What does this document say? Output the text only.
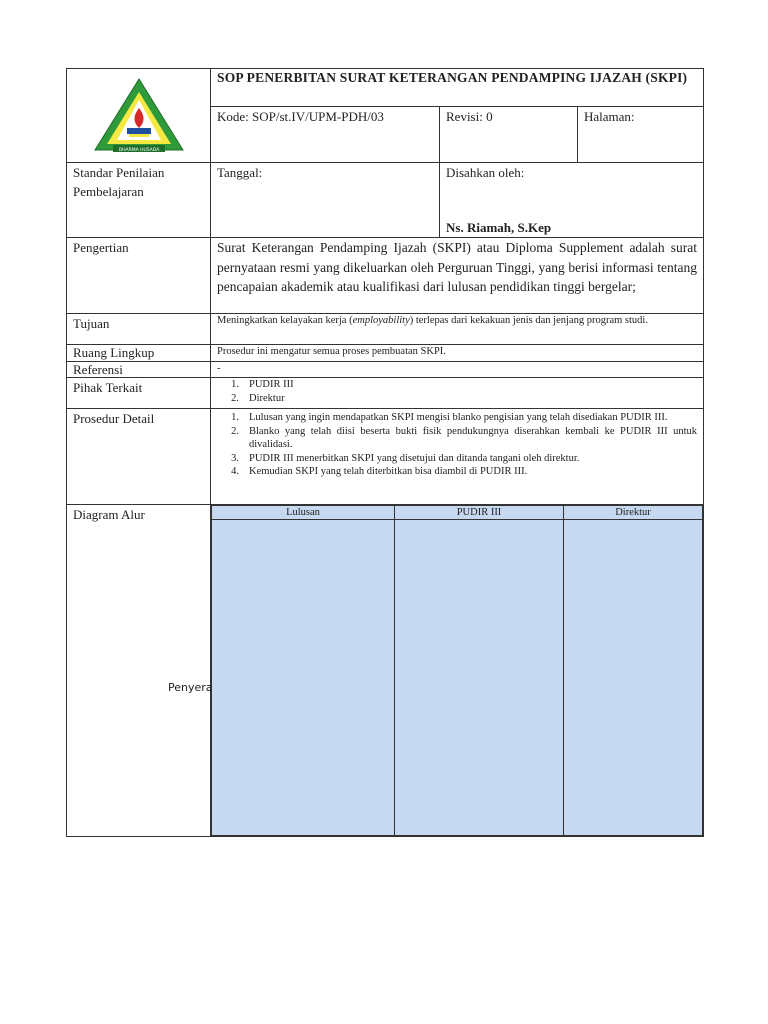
DHARMA HUSADA
	SOP PENERBITAN SURAT KETERANGAN PENDAMPING IJAZAH (SKPI)
Kode: SOP/st.IV/UPM-PDH/03	Revisi: 0	Halaman:
Standar Penilaian Pembelajaran	Tanggal:	Disahkan oleh:
Ns. Riamah, S.Kep

Pengertian	Surat Keterangan Pendamping Ijazah (SKPI) atau Diploma Supplement adalah surat pernyataan resmi yang dikeluarkan oleh Perguruan Tinggi, yang berisi informasi tentang pencapaian akademik atau kualifikasi dari lulusan pendidikan tinggi bergelar;
Tujuan	Meningkatkan kelayakan kerja (employability) terlepas dari kekakuan jenis dan jenjang program studi.
Ruang Lingkup	Prosedur ini mengatur semua proses pembuatan SKPI.
Referensi	-
Pihak Terkait	1. PUDIR III
2. Direktur

Prosedur Detail	1. Lulusan yang ingin mendapatkan SKPI mengisi blanko pengisian yang telah disediakan PUDIR III.
2. Blanko yang telah diisi beserta bukti fisik pendukungnya diserahkan kembali ke PUDIR III untuk divalidasi.
3. PUDIR III menerbitkan SKPI yang disetujui dan ditanda tangani oleh direktur.
4. Kemudian SKPI yang telah diterbitkan bisa diambil di PUDIR III.

Diagram Alur	
Penyera
Lulusan	PUDIR III	Direktur
